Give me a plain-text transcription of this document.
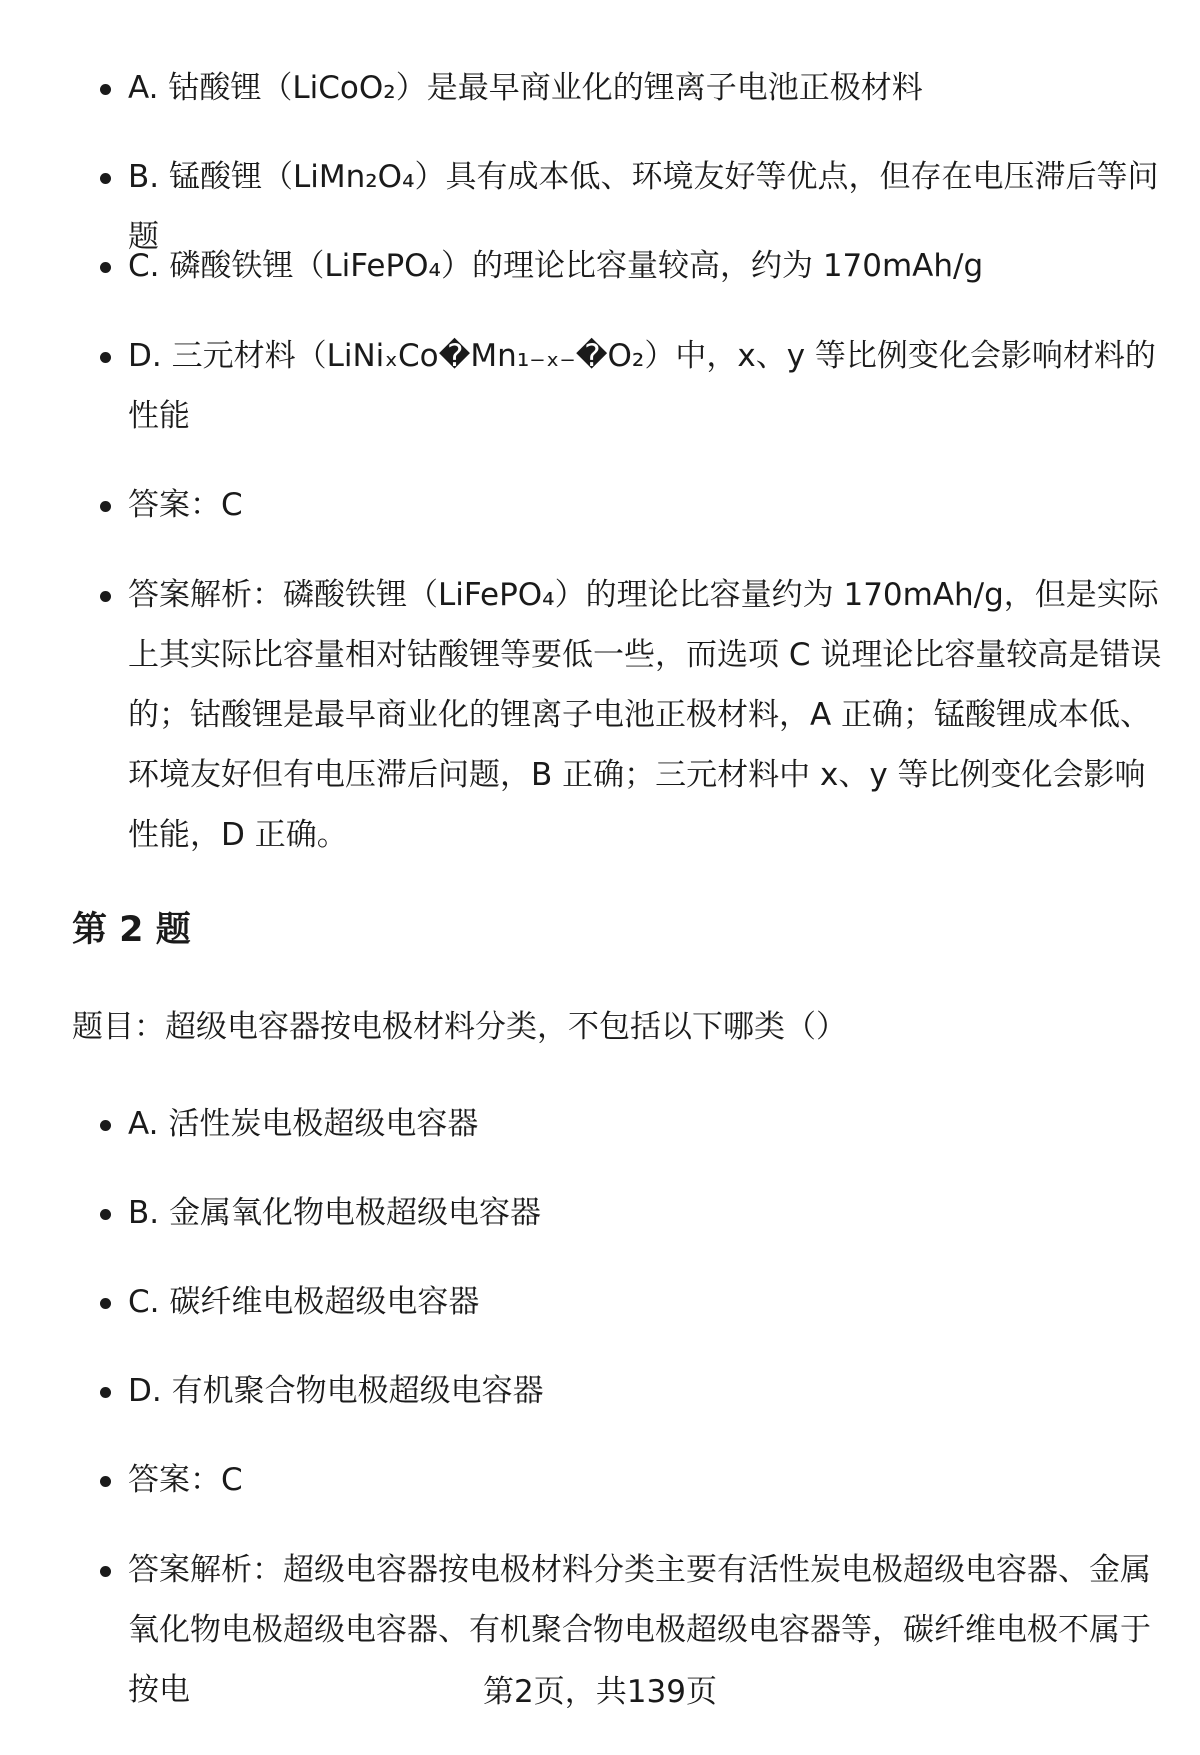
A. 钴酸锂（LiCoO₂）是最早商业化的锂离子电池正极材料
B. 锰酸锂（LiMn₂O₄）具有成本低、环境友好等优点，但存在电压滞后等问题
C. 磷酸铁锂（LiFePO₄）的理论比容量较高，约为 170mAh/g
D. 三元材料（LiNiₓCo�Mn₁₋ₓ₋�O₂）中，x、y 等比例变化会影响材料的性能
答案：C
答案解析：磷酸铁锂（LiFePO₄）的理论比容量约为 170mAh/g，但是实际上其实际比容量相对钴酸锂等要低一些，而选项 C 说理论比容量较高是错误的；钴酸锂是最早商业化的锂离子电池正极材料，A 正确；锰酸锂成本低、环境友好但有电压滞后问题，B 正确；三元材料中 x、y 等比例变化会影响性能，D 正确。
第 2 题
题目：超级电容器按电极材料分类，不包括以下哪类（）
A. 活性炭电极超级电容器
B. 金属氧化物电极超级电容器
C. 碳纤维电极超级电容器
D. 有机聚合物电极超级电容器
答案：C
答案解析：超级电容器按电极材料分类主要有活性炭电极超级电容器、金属氧化物电极超级电容器、有机聚合物电极超级电容器等，碳纤维电极不属于按电	第2页，共139页
